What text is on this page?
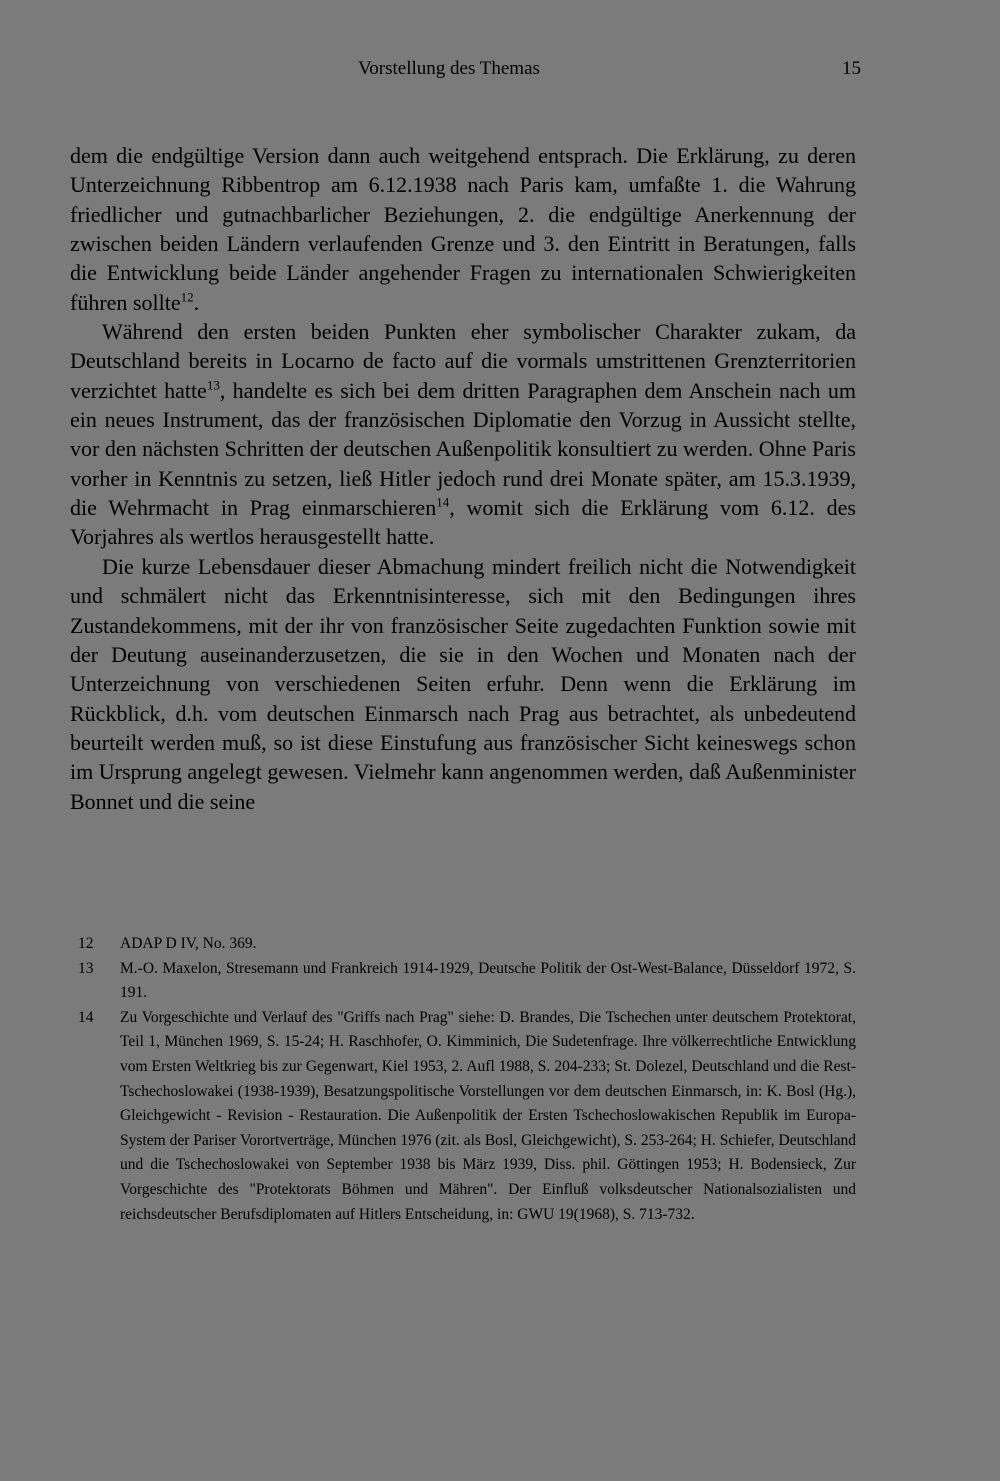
Vorstellung des Themas	15

dem die endgültige Version dann auch weitgehend entsprach. Die Erklärung, zu deren Unterzeichnung Ribbentrop am 6.12.1938 nach Paris kam, umfaßte 1. die Wahrung friedlicher und gutnachbarlicher Beziehungen, 2. die endgültige Anerkennung der zwischen beiden Ländern verlaufenden Grenze und 3. den Eintritt in Beratungen, falls die Entwicklung beide Länder angehender Fragen zu internationalen Schwierigkeiten führen sollte$^{12}$.

Während den ersten beiden Punkten eher symbolischer Charakter zukam, da Deutschland bereits in Locarno de facto auf die vormals umstrittenen Grenzterritorien verzichtet hatte$^{13}$, handelte es sich bei dem dritten Paragraphen dem Anschein nach um ein neues Instrument, das der französischen Diplomatie den Vorzug in Aussicht stellte, vor den nächsten Schritten der deutschen Außenpolitik konsultiert zu werden. Ohne Paris vorher in Kenntnis zu setzen, ließ Hitler jedoch rund drei Monate später, am 15.3.1939, die Wehrmacht in Prag einmarschieren$^{14}$, womit sich die Erklärung vom 6.12. des Vorjahres als wertlos herausgestellt hatte.

Die kurze Lebensdauer dieser Abmachung mindert freilich nicht die Notwendigkeit und schmälert nicht das Erkenntnisinteresse, sich mit den Bedingungen ihres Zustandekommens, mit der ihr von französischer Seite zugedachten Funktion sowie mit der Deutung auseinanderzusetzen, die sie in den Wochen und Monaten nach der Unterzeichnung von verschiedenen Seiten erfuhr. Denn wenn die Erklärung im Rückblick, d.h. vom deutschen Einmarsch nach Prag aus betrachtet, als unbedeutend beurteilt werden muß, so ist diese Einstufung aus französischer Sicht keineswegs schon im Ursprung angelegt gewesen. Vielmehr kann angenommen werden, daß Außenminister Bonnet und die seine

12	ADAP D IV, No. 369.
13	M.-O. Maxelon, Stresemann und Frankreich 1914-1929, Deutsche Politik der Ost-West-Balance, Düsseldorf 1972, S. 191.
14	Zu Vorgeschichte und Verlauf des "Griffs nach Prag" siehe: D. Brandes, Die Tschechen unter deutschem Protektorat, Teil 1, München 1969, S. 15-24; H. Raschhofer, O. Kimminich, Die Sudetenfrage. Ihre völkerrechtliche Entwicklung vom Ersten Weltkrieg bis zur Gegenwart, Kiel 1953, 2. Aufl 1988, S. 204-233; St. Dolezel, Deutschland und die Rest-Tschechoslowakei (1938-1939), Besatzungspolitische Vorstellungen vor dem deutschen Einmarsch, in: K. Bosl (Hg.), Gleichgewicht - Revision - Restauration. Die Außenpolitik der Ersten Tschechoslowakischen Republik im Europa-System der Pariser Vorortverträge, München 1976 (zit. als Bosl, Gleichgewicht), S. 253-264; H. Schiefer, Deutschland und die Tschechoslowakei von September 1938 bis März 1939, Diss. phil. Göttingen 1953; H. Bodensieck, Zur Vorgeschichte des "Protektorats Böhmen und Mähren". Der Einfluß volksdeutscher Nationalsozialisten und reichsdeutscher Berufsdiplomaten auf Hitlers Entscheidung, in: GWU 19(1968), S. 713-732.
